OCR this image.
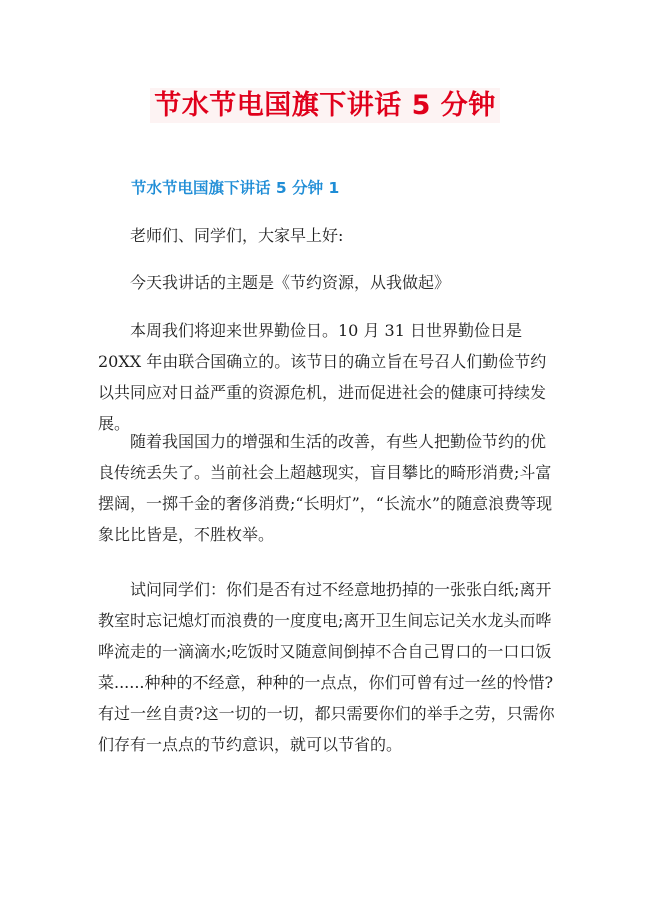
节水节电国旗下讲话 5 分钟
节水节电国旗下讲话 5 分钟 1

老师们、同学们，大家早上好:

今天我讲话的主题是《节约资源，从我做起》

本周我们将迎来世界勤俭日。10 月 31 日世界勤俭日是 20XX 年由联合国确立的。该节日的确立旨在号召人们勤俭节约以共同应对日益严重的资源危机，进而促进社会的健康可持续发展。

随着我国国力的增强和生活的改善，有些人把勤俭节约的优良传统丢失了。当前社会上超越现实，盲目攀比的畸形消费;斗富摆阔，一掷千金的奢侈消费;“长明灯”，“长流水”的随意浪费等现象比比皆是，不胜枚举。

试问同学们：你们是否有过不经意地扔掉的一张张白纸;离开教室时忘记熄灯而浪费的一度度电;离开卫生间忘记关水龙头而哗哗流走的一滴滴水;吃饭时又随意间倒掉不合自己胃口的一口口饭菜......种种的不经意，种种的一点点，你们可曾有过一丝的怜惜?有过一丝自责?这一切的一切，都只需要你们的举手之劳，只需你们存有一点点的节约意识，就可以节省的。
